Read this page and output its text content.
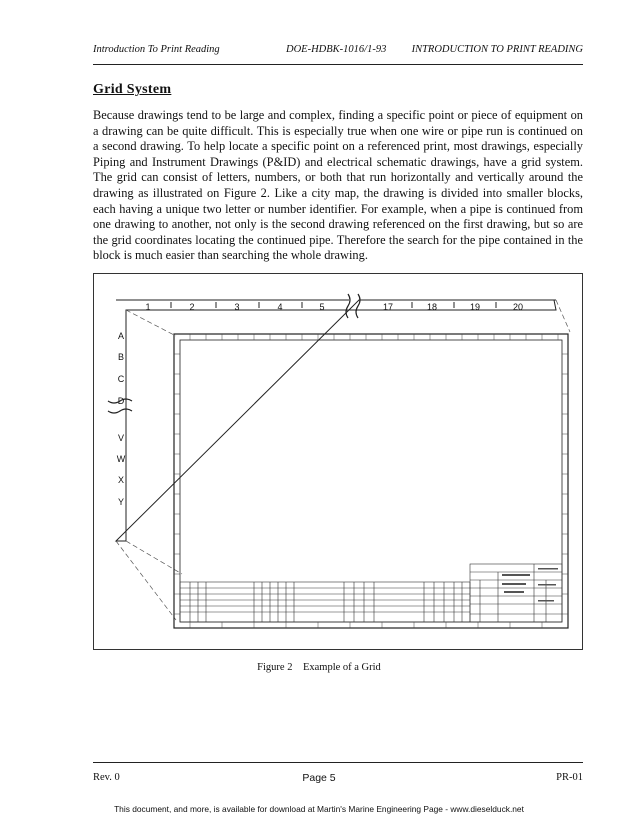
Introduction To Print Reading	DOE-HDBK-1016/1-93 INTRODUCTION TO PRINT READING
Grid System

Because drawings tend to be large and complex, finding a specific point or piece of equipment on a drawing can be quite difficult. This is especially true when one wire or pipe run is continued on a second drawing. To help locate a specific point on a referenced print, most drawings, especially Piping and Instrument Drawings (P&ID) and electrical schematic drawings, have a grid system. The grid can consist of letters, numbers, or both that run horizontally and vertically around the drawing as illustrated on Figure 2. Like a city map, the drawing is divided into smaller blocks, each having a unique two letter or number identifier. For example, when a pipe is continued from one drawing to another, not only is the second drawing referenced on the first drawing, but so are the grid coordinates locating the continued pipe. Therefore the search for the pipe contained in the block is much easier than searching the whole drawing.

1	2	3	4	5	17	18	19	20
A
B
C
D
V
W
X
Y
Figure 2    Example of a Grid
Rev. 0	Page 5	PR-01
This document, and more, is available for download at Martin's Marine Engineering Page - www.dieselduck.net
